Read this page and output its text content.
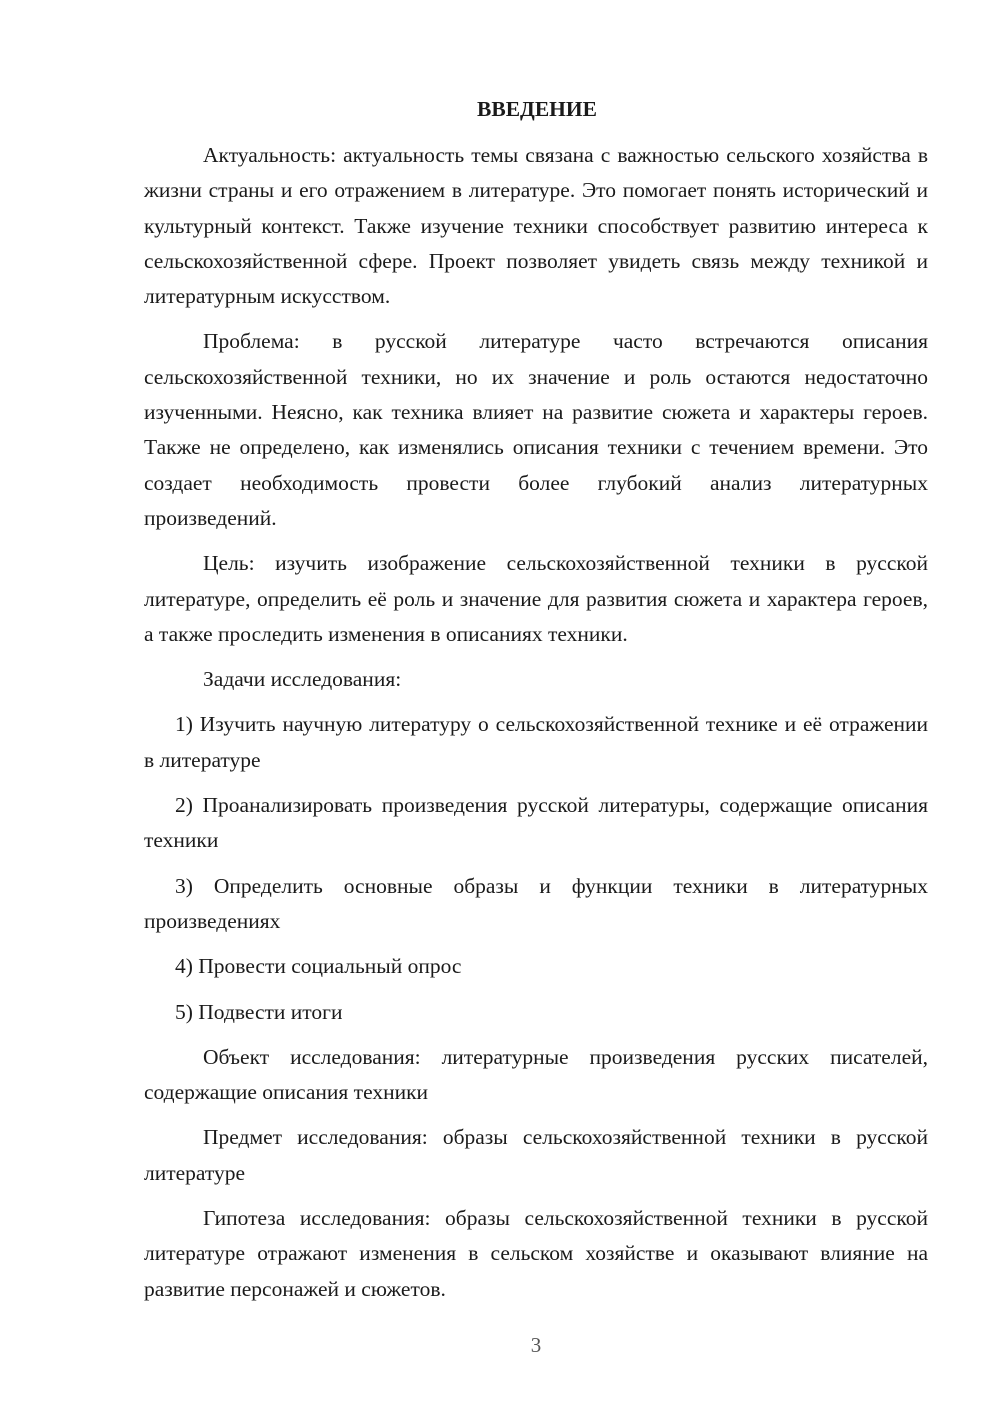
ВВЕДЕНИЕ

Актуальность: актуальность темы связана с важностью сельского хозяйства в жизни страны и его отражением в литературе. Это помогает понять исторический и культурный контекст. Также изучение техники способствует развитию интереса к сельскохозяйственной сфере. Проект позволяет увидеть связь между техникой и литературным искусством.

Проблема: в русской литературе часто встречаются описания сельскохозяйственной техники, но их значение и роль остаются недостаточно изученными. Неясно, как техника влияет на развитие сюжета и характеры героев. Также не определено, как изменялись описания техники с течением времени. Это создает необходимость провести более глубокий анализ литературных произведений.

Цель: изучить изображение сельскохозяйственной техники в русской литературе, определить её роль и значение для развития сюжета и характера героев, а также проследить изменения в описаниях техники.

Задачи исследования:

1) Изучить научную литературу о сельскохозяйственной технике и её отражении в литературе

2) Проанализировать произведения русской литературы, содержащие описания техники

3) Определить основные образы и функции техники в литературных произведениях

4) Провести социальный опрос

5) Подвести итоги

Объект исследования: литературные произведения русских писателей, содержащие описания техники

Предмет исследования: образы сельскохозяйственной техники в русской литературе

Гипотеза исследования: образы сельскохозяйственной техники в русской литературе отражают изменения в сельском хозяйстве и оказывают влияние на развитие персонажей и сюжетов.

3
